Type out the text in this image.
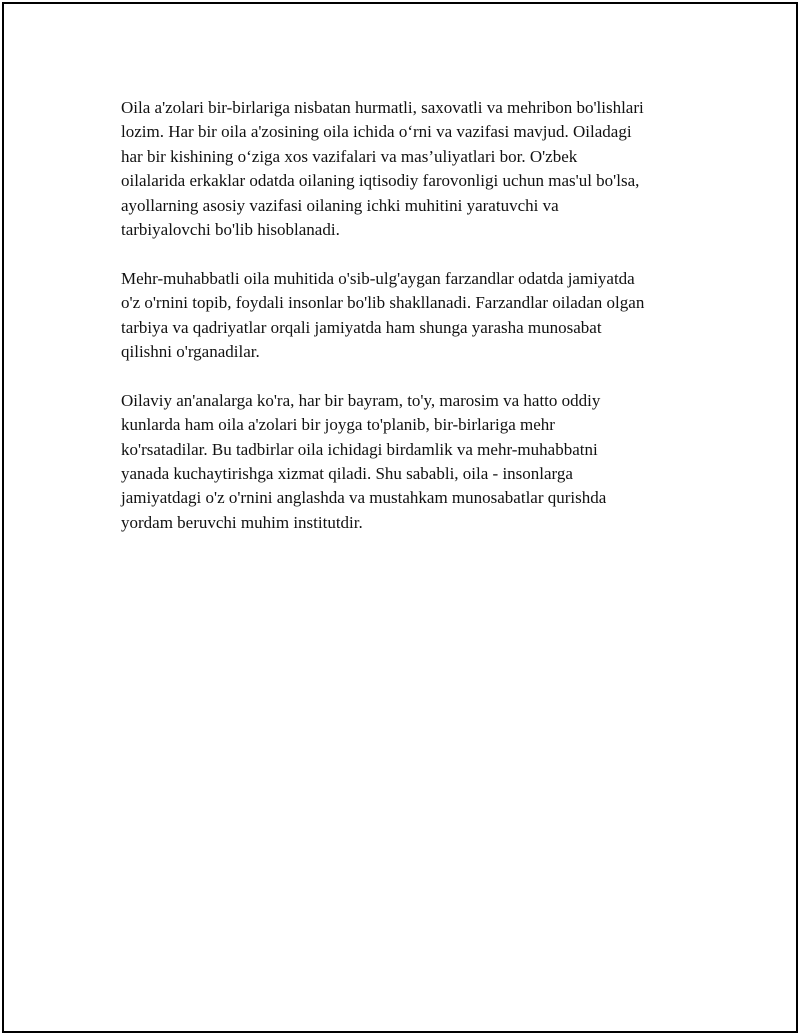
Oila a'zolari bir-birlariga nisbatan hurmatli, saxovatli va mehribon bo'lishlari
lozim. Har bir oila a'zosining oila ichida o‘rni va vazifasi mavjud. Oiladagi
har bir kishining o‘ziga xos vazifalari va mas’uliyatlari bor. O'zbek
oilalarida erkaklar odatda oilaning iqtisodiy farovonligi uchun mas'ul bo'lsa,
ayollarning asosiy vazifasi oilaning ichki muhitini yaratuvchi va
tarbiyalovchi bo'lib hisoblanadi.

Mehr-muhabbatli oila muhitida o'sib-ulg'aygan farzandlar odatda jamiyatda
o'z o'rnini topib, foydali insonlar bo'lib shakllanadi. Farzandlar oiladan olgan
tarbiya va qadriyatlar orqali jamiyatda ham shunga yarasha munosabat
qilishni o'rganadilar.

Oilaviy an'analarga ko'ra, har bir bayram, to'y, marosim va hatto oddiy
kunlarda ham oila a'zolari bir joyga to'planib, bir-birlariga mehr
ko'rsatadilar. Bu tadbirlar oila ichidagi birdamlik va mehr-muhabbatni
yanada kuchaytirishga xizmat qiladi. Shu sababli, oila - insonlarga
jamiyatdagi o'z o'rnini anglashda va mustahkam munosabatlar qurishda
yordam beruvchi muhim institutdir.
